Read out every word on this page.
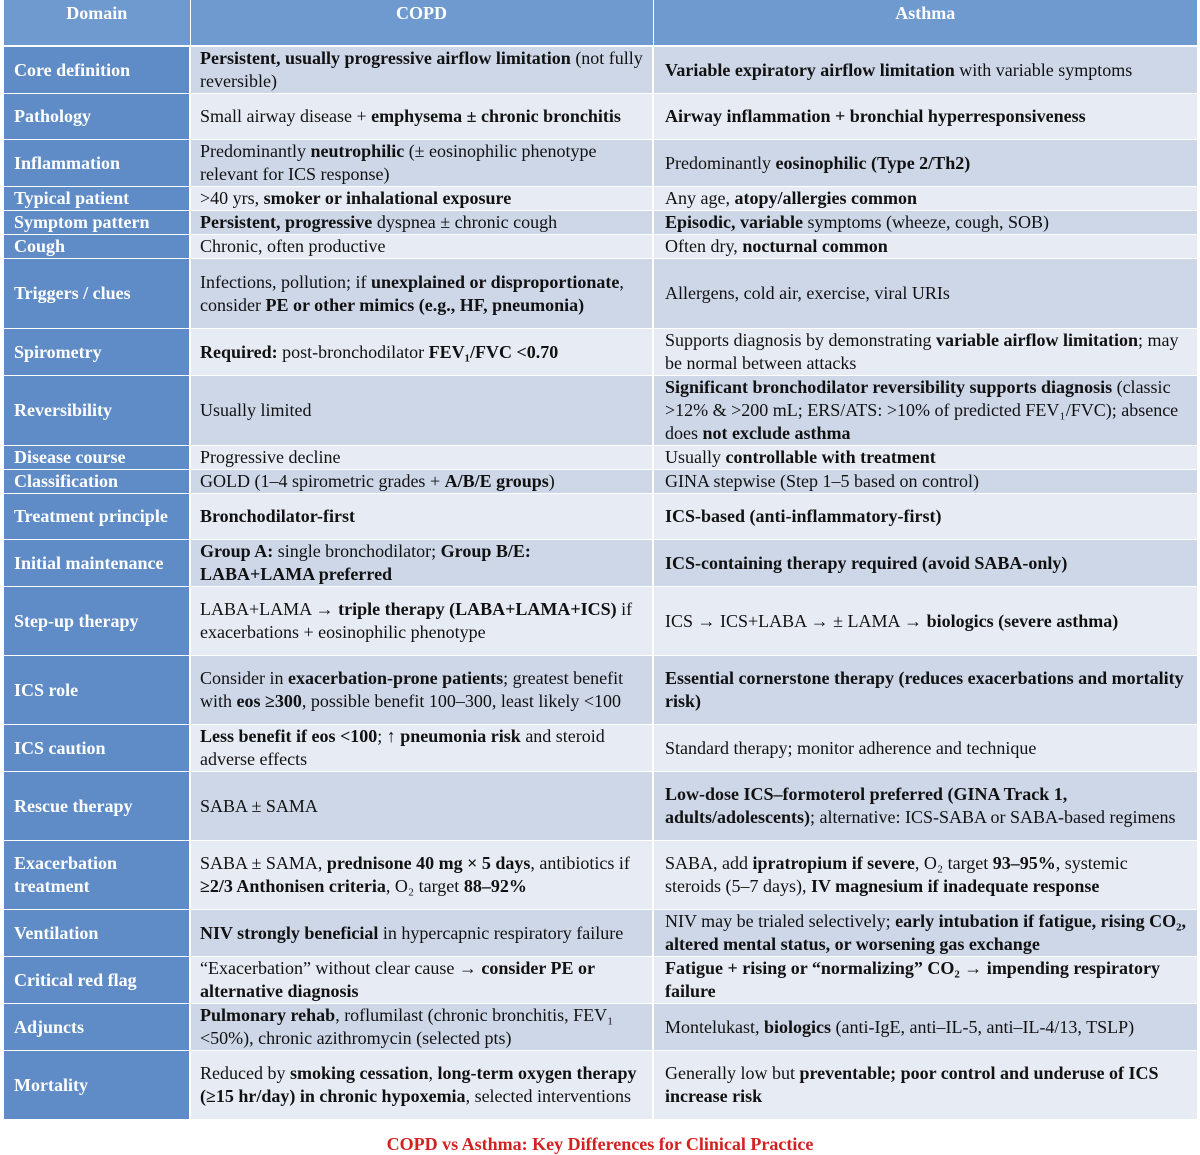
Domain	COPD	Asthma
Core definition	Persistent, usually progressive airflow limitation (not fully reversible)	Variable expiratory airflow limitation with variable symptoms
Pathology	Small airway disease + emphysema ± chronic bronchitis	Airway inflammation + bronchial hyperresponsiveness
Inflammation	Predominantly neutrophilic (± eosinophilic phenotype relevant for ICS response)	Predominantly eosinophilic (Type 2/Th2)
Typical patient	>40 yrs, smoker or inhalational exposure	Any age, atopy/allergies common
Symptom pattern	Persistent, progressive dyspnea ± chronic cough	Episodic, variable symptoms (wheeze, cough, SOB)
Cough	Chronic, often productive	Often dry, nocturnal common
Triggers / clues	Infections, pollution; if unexplained or disproportionate, consider PE or other mimics (e.g., HF, pneumonia)	Allergens, cold air, exercise, viral URIs
Spirometry	Required: post-bronchodilator FEV₁/FVC <0.70	Supports diagnosis by demonstrating variable airflow limitation; may be normal between attacks
Reversibility	Usually limited	Significant bronchodilator reversibility supports diagnosis (classic >12% & >200 mL; ERS/ATS: >10% of predicted FEV₁/FVC); absence does not exclude asthma
Disease course	Progressive decline	Usually controllable with treatment
Classification	GOLD (1–4 spirometric grades + A/B/E groups)	GINA stepwise (Step 1–5 based on control)
Treatment principle	Bronchodilator-first	ICS-based (anti-inflammatory-first)
Initial maintenance	Group A: single bronchodilator; Group B/E: LABA+LAMA preferred	ICS-containing therapy required (avoid SABA-only)
Step-up therapy	LABA+LAMA → triple therapy (LABA+LAMA+ICS) if exacerbations + eosinophilic phenotype	ICS → ICS+LABA → ± LAMA → biologics (severe asthma)
ICS role	Consider in exacerbation-prone patients; greatest benefit with eos ≥300, possible benefit 100–300, least likely <100	Essential cornerstone therapy (reduces exacerbations and mortality risk)
ICS caution	Less benefit if eos <100; ↑ pneumonia risk and steroid adverse effects	Standard therapy; monitor adherence and technique
Rescue therapy	SABA ± SAMA	Low-dose ICS–formoterol preferred (GINA Track 1, adults/adolescents); alternative: ICS-SABA or SABA-based regimens
Exacerbation treatment	SABA ± SAMA, prednisone 40 mg × 5 days, antibiotics if ≥2/3 Anthonisen criteria, O₂ target 88–92%	SABA, add ipratropium if severe, O₂ target 93–95%, systemic steroids (5–7 days), IV magnesium if inadequate response
Ventilation	NIV strongly beneficial in hypercapnic respiratory failure	NIV may be trialed selectively; early intubation if fatigue, rising CO₂, altered mental status, or worsening gas exchange
Critical red flag	“Exacerbation” without clear cause → consider PE or alternative diagnosis	Fatigue + rising or “normalizing” CO₂ → impending respiratory failure
Adjuncts	Pulmonary rehab, roflumilast (chronic bronchitis, FEV₁ <50%), chronic azithromycin (selected pts)	Montelukast, biologics (anti-IgE, anti–IL-5, anti–IL-4/13, TSLP)
Mortality	Reduced by smoking cessation, long-term oxygen therapy (≥15 hr/day) in chronic hypoxemia, selected interventions	Generally low but preventable; poor control and underuse of ICS increase risk
COPD vs Asthma: Key Differences for Clinical Practice
